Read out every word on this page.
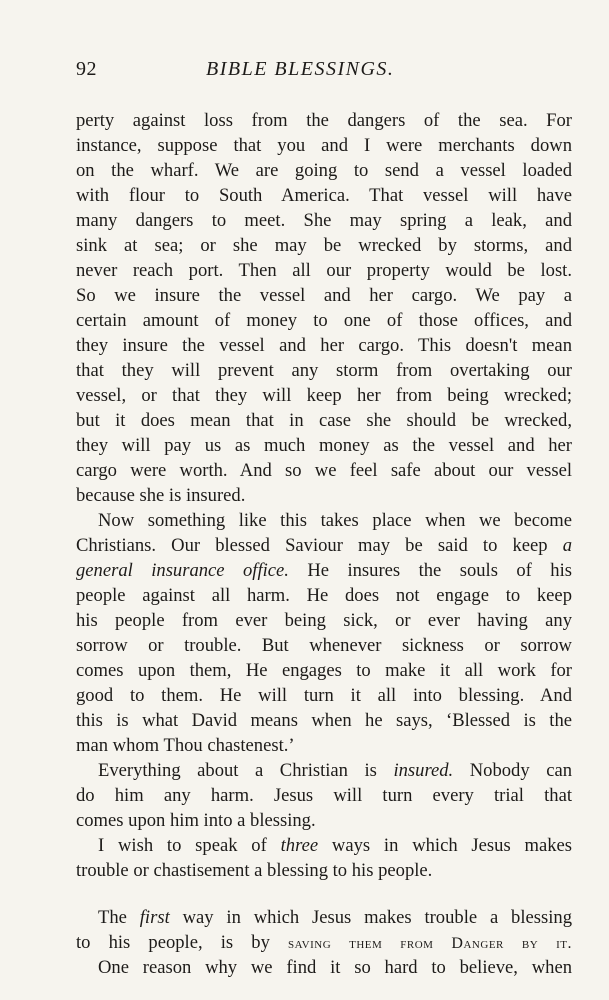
92	BIBLE BLESSINGS.
perty against loss from the dangers of the sea. For
instance, suppose that you and I were merchants down
on the wharf. We are going to send a vessel loaded
with flour to South America. That vessel will have
many dangers to meet. She may spring a leak, and
sink at sea; or she may be wrecked by storms, and
never reach port. Then all our property would be lost.
So we insure the vessel and her cargo. We pay a
certain amount of money to one of those offices, and
they insure the vessel and her cargo. This doesn't mean
that they will prevent any storm from overtaking our
vessel, or that they will keep her from being wrecked;
but it does mean that in case she should be wrecked,
they will pay us as much money as the vessel and her
cargo were worth. And so we feel safe about our vessel
because she is insured.
Now something like this takes place when we become
Christians. Our blessed Saviour may be said to keep a
general insurance office. He insures the souls of his
people against all harm. He does not engage to keep
his people from ever being sick, or ever having any
sorrow or trouble. But whenever sickness or sorrow
comes upon them, He engages to make it all work for
good to them. He will turn it all into blessing. And
this is what David means when he says, ‘Blessed is the
man whom Thou chastenest.’
Everything about a Christian is insured. Nobody can
do him any harm. Jesus will turn every trial that
comes upon him into a blessing.
I wish to speak of three ways in which Jesus makes
trouble or chastisement a blessing to his people.
The first way in which Jesus makes trouble a blessing
to his people, is by saving them from Danger by it.
One reason why we find it so hard to believe, when
